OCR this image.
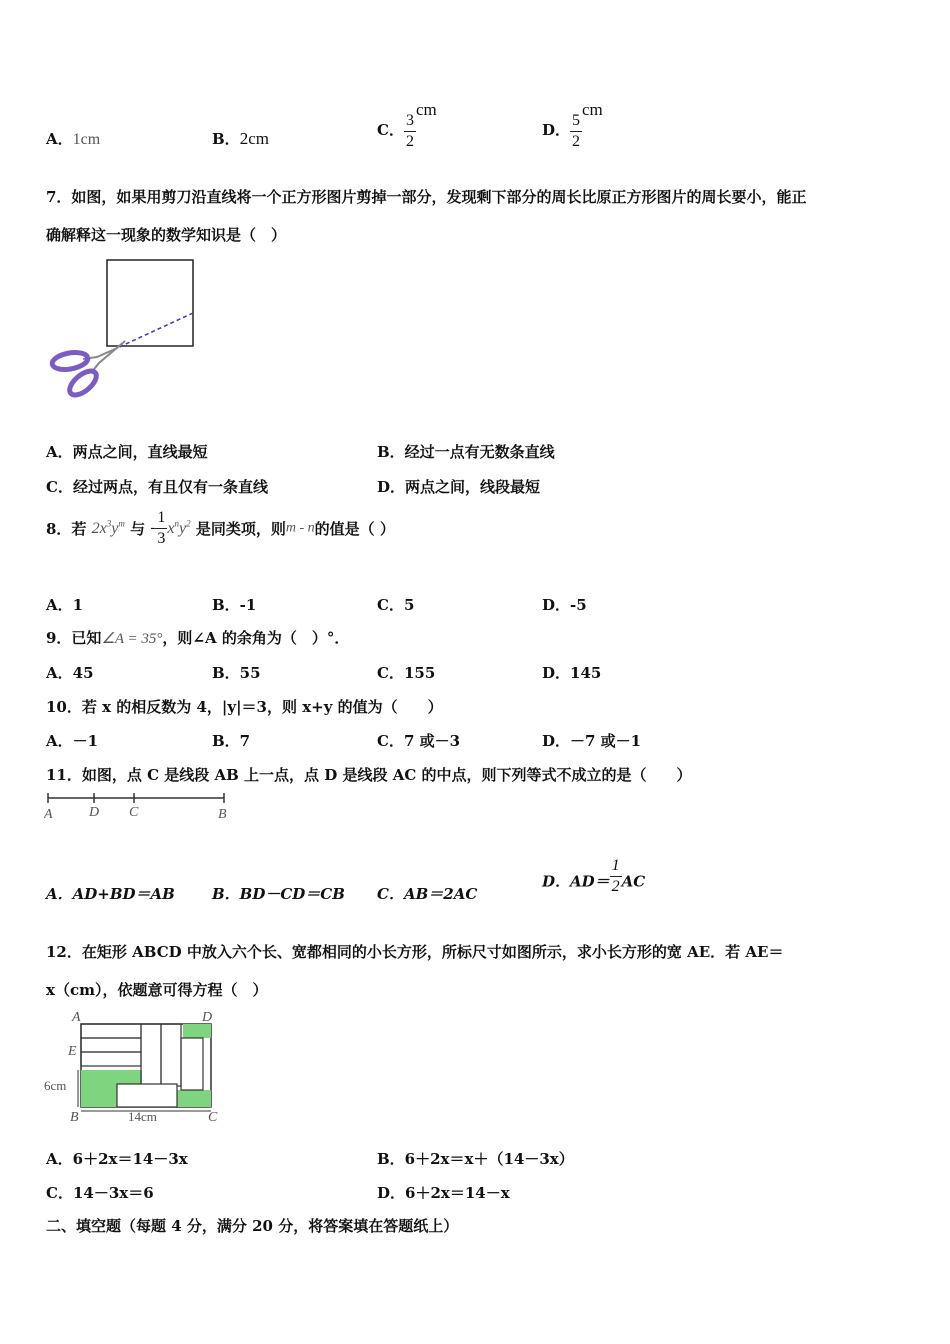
A．1cm	B．2cm	C． $\frac{3}{2}$
cm
D． $\frac{5}{2}$
cm
7．如图，如果用剪刀沿直线将一个正方形图片剪掉一部分，发现剩下部分的周长比原正方形图片的周长要小，能正
确解释这一现象的数学知识是（　）
A．两点之间，直线最短	B．经过一点有无数条直线
C．经过两点，有且仅有一条直线	D．两点之间，线段最短
8．若 $2x^3y^m$ 与 - $\frac{1}{3} x^ny^2$ 是同类项，则m - n的值是（ ）
A．1	B．-1	C．5	D．-5
9．已知∠A = 35°，则∠A 的余角为（　）°．
A．45	B．55	C．155	D．145
10．若 x 的相反数为 4，|y|＝3，则 x+y 的值为（　　）
A．－1	B．7	C．7 或－3	D．－7 或－1
11．如图，点 C 是线段 AB 上一点，点 D 是线段 AC 的中点，则下列等式不成立的是（　　）
A	D C	B
A．AD+BD＝AB B．BD－CD＝CB C．AB＝2AC
D．$AD= \frac{1}{2}$ AC
12．在矩形 ABCD 中放入六个长、宽都相同的小长方形，所标尺寸如图所示，求小长方形的宽 AE．若 AE＝
x（cm），依题意可得方程（　）
A	D
E
6cm
B	14cm	C
A．6＋2x＝14－3x	B．6＋2x＝x＋（14－3x）
C．14－3x＝6	D．6＋2x＝14－x
二、填空题（每题 4 分，满分 20 分，将答案填在答题纸上）
